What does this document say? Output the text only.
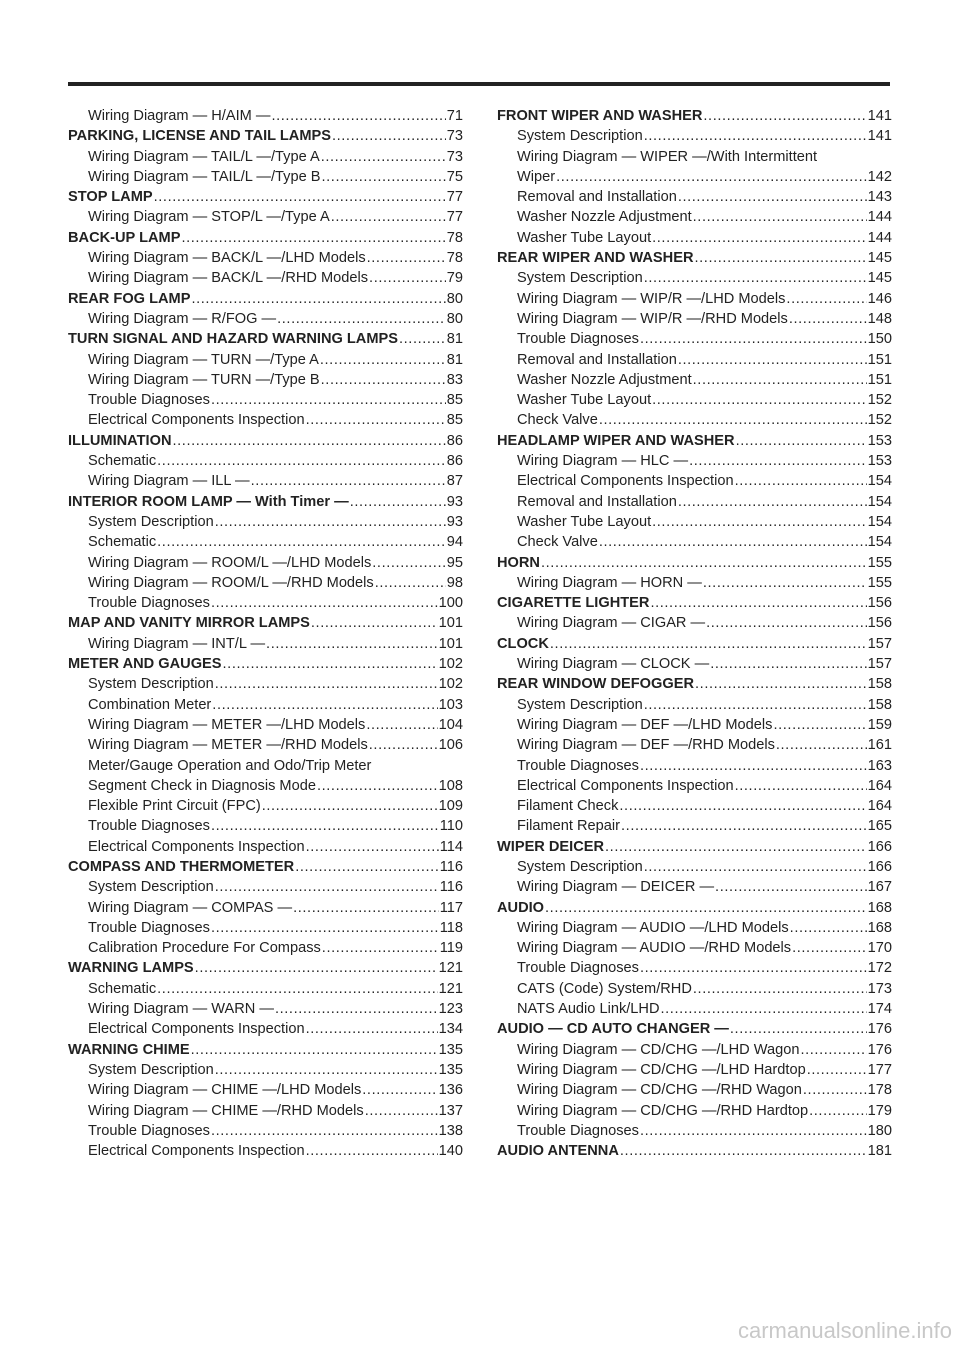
Wiring Diagram — H/AIM — .....	71
PARKING, LICENSE AND TAIL LAMPS .....	73
Wiring Diagram — TAIL/L —/Type A .....	73
Wiring Diagram — TAIL/L —/Type B .....	75
STOP LAMP .....	77
Wiring Diagram — STOP/L —/Type A .....	77
BACK-UP LAMP .....	78
Wiring Diagram — BACK/L —/LHD Models .....	78
Wiring Diagram — BACK/L —/RHD Models .....	79
REAR FOG LAMP .....	80
Wiring Diagram — R/FOG — .....	80
TURN SIGNAL AND HAZARD WARNING LAMPS .....	81
Wiring Diagram — TURN —/Type A .....	81
Wiring Diagram — TURN —/Type B .....	83
Trouble Diagnoses .....	85
Electrical Components Inspection .....	85
ILLUMINATION .....	86
Schematic .....	86
Wiring Diagram — ILL — .....	87
INTERIOR ROOM LAMP — With Timer — .....	93
System Description .....	93
Schematic .....	94
Wiring Diagram — ROOM/L —/LHD Models .....	95
Wiring Diagram — ROOM/L —/RHD Models .....	98
Trouble Diagnoses .....	100
MAP AND VANITY MIRROR LAMPS .....	101
Wiring Diagram — INT/L — .....	101
METER AND GAUGES .....	102
System Description .....	102
Combination Meter .....	103
Wiring Diagram — METER —/LHD Models .....	104
Wiring Diagram — METER —/RHD Models .....	106
Meter/Gauge Operation and Odo/Trip Meter
Segment Check in Diagnosis Mode .....	108
Flexible Print Circuit (FPC) .....	109
Trouble Diagnoses .....	110
Electrical Components Inspection .....	114
COMPASS AND THERMOMETER .....	116
System Description .....	116
Wiring Diagram — COMPAS — .....	117
Trouble Diagnoses .....	118
Calibration Procedure For Compass .....	119
WARNING LAMPS .....	121
Schematic .....	121
Wiring Diagram — WARN — .....	123
Electrical Components Inspection .....	134
WARNING CHIME .....	135
System Description .....	135
Wiring Diagram — CHIME —/LHD Models .....	136
Wiring Diagram — CHIME —/RHD Models .....	137
Trouble Diagnoses .....	138
Electrical Components Inspection .....	140
FRONT WIPER AND WASHER .....	141
System Description .....	141
Wiring Diagram — WIPER —/With Intermittent
Wiper .....	142
Removal and Installation .....	143
Washer Nozzle Adjustment .....	144
Washer Tube Layout .....	144
REAR WIPER AND WASHER .....	145
System Description .....	145
Wiring Diagram — WIP/R —/LHD Models .....	146
Wiring Diagram — WIP/R —/RHD Models .....	148
Trouble Diagnoses .....	150
Removal and Installation .....	151
Washer Nozzle Adjustment .....	151
Washer Tube Layout .....	152
Check Valve .....	152
HEADLAMP WIPER AND WASHER .....	153
Wiring Diagram — HLC — .....	153
Electrical Components Inspection .....	154
Removal and Installation .....	154
Washer Tube Layout .....	154
Check Valve .....	154
HORN .....	155
Wiring Diagram — HORN — .....	155
CIGARETTE LIGHTER .....	156
Wiring Diagram — CIGAR — .....	156
CLOCK .....	157
Wiring Diagram — CLOCK — .....	157
REAR WINDOW DEFOGGER .....	158
System Description .....	158
Wiring Diagram — DEF —/LHD Models .....	159
Wiring Diagram — DEF —/RHD Models .....	161
Trouble Diagnoses .....	163
Electrical Components Inspection .....	164
Filament Check .....	164
Filament Repair .....	165
WIPER DEICER .....	166
System Description .....	166
Wiring Diagram — DEICER — .....	167
AUDIO .....	168
Wiring Diagram — AUDIO —/LHD Models .....	168
Wiring Diagram — AUDIO —/RHD Models .....	170
Trouble Diagnoses .....	172
CATS (Code) System/RHD .....	173
NATS Audio Link/LHD .....	174
AUDIO — CD AUTO CHANGER — .....	176
Wiring Diagram — CD/CHG —/LHD Wagon .....	176
Wiring Diagram — CD/CHG —/LHD Hardtop .....	177
Wiring Diagram — CD/CHG —/RHD Wagon .....	178
Wiring Diagram — CD/CHG —/RHD Hardtop .....	179
Trouble Diagnoses .....	180
AUDIO ANTENNA .....	181
carmanualsonline.info
